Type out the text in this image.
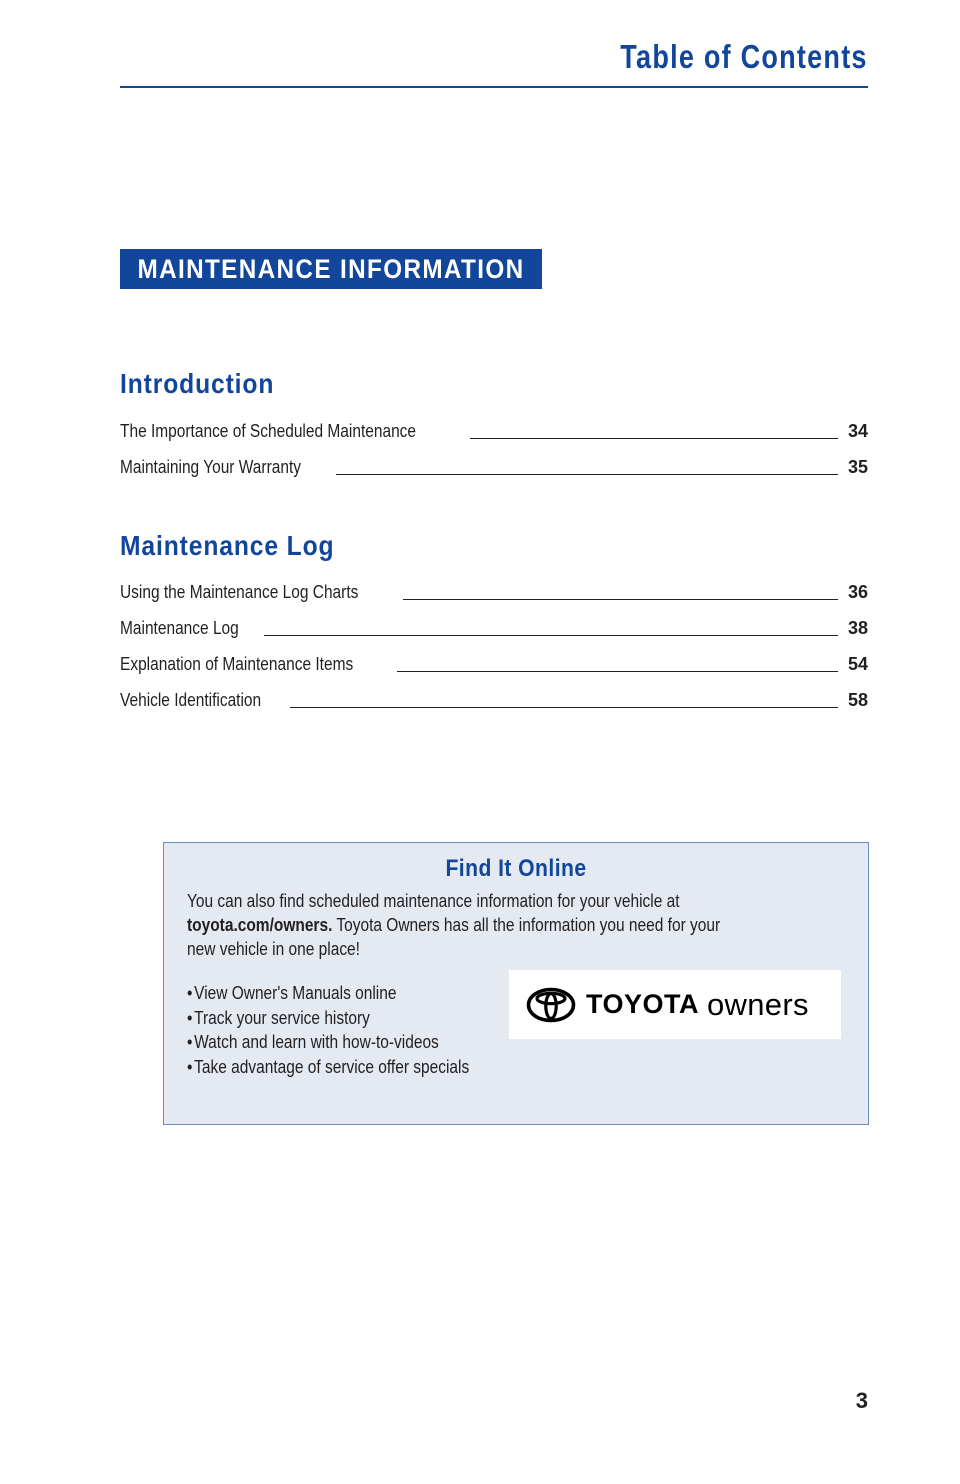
Table of Contents
MAINTENANCE INFORMATION
Introduction
The Importance of Scheduled Maintenance	34
Maintaining Your Warranty	35
Maintenance Log
Using the Maintenance Log Charts	36
Maintenance Log	38
Explanation of Maintenance Items	54
Vehicle Identification	58
Find It Online
You can also find scheduled maintenance information for your vehicle at
toyota.com/owners. Toyota Owners has all the information you need for your
new vehicle in one place!
• View Owner's Manuals online
• Track your service history
• Watch and learn with how-to-videos
• Take advantage of service offer specials
TOYOTA owners
3
